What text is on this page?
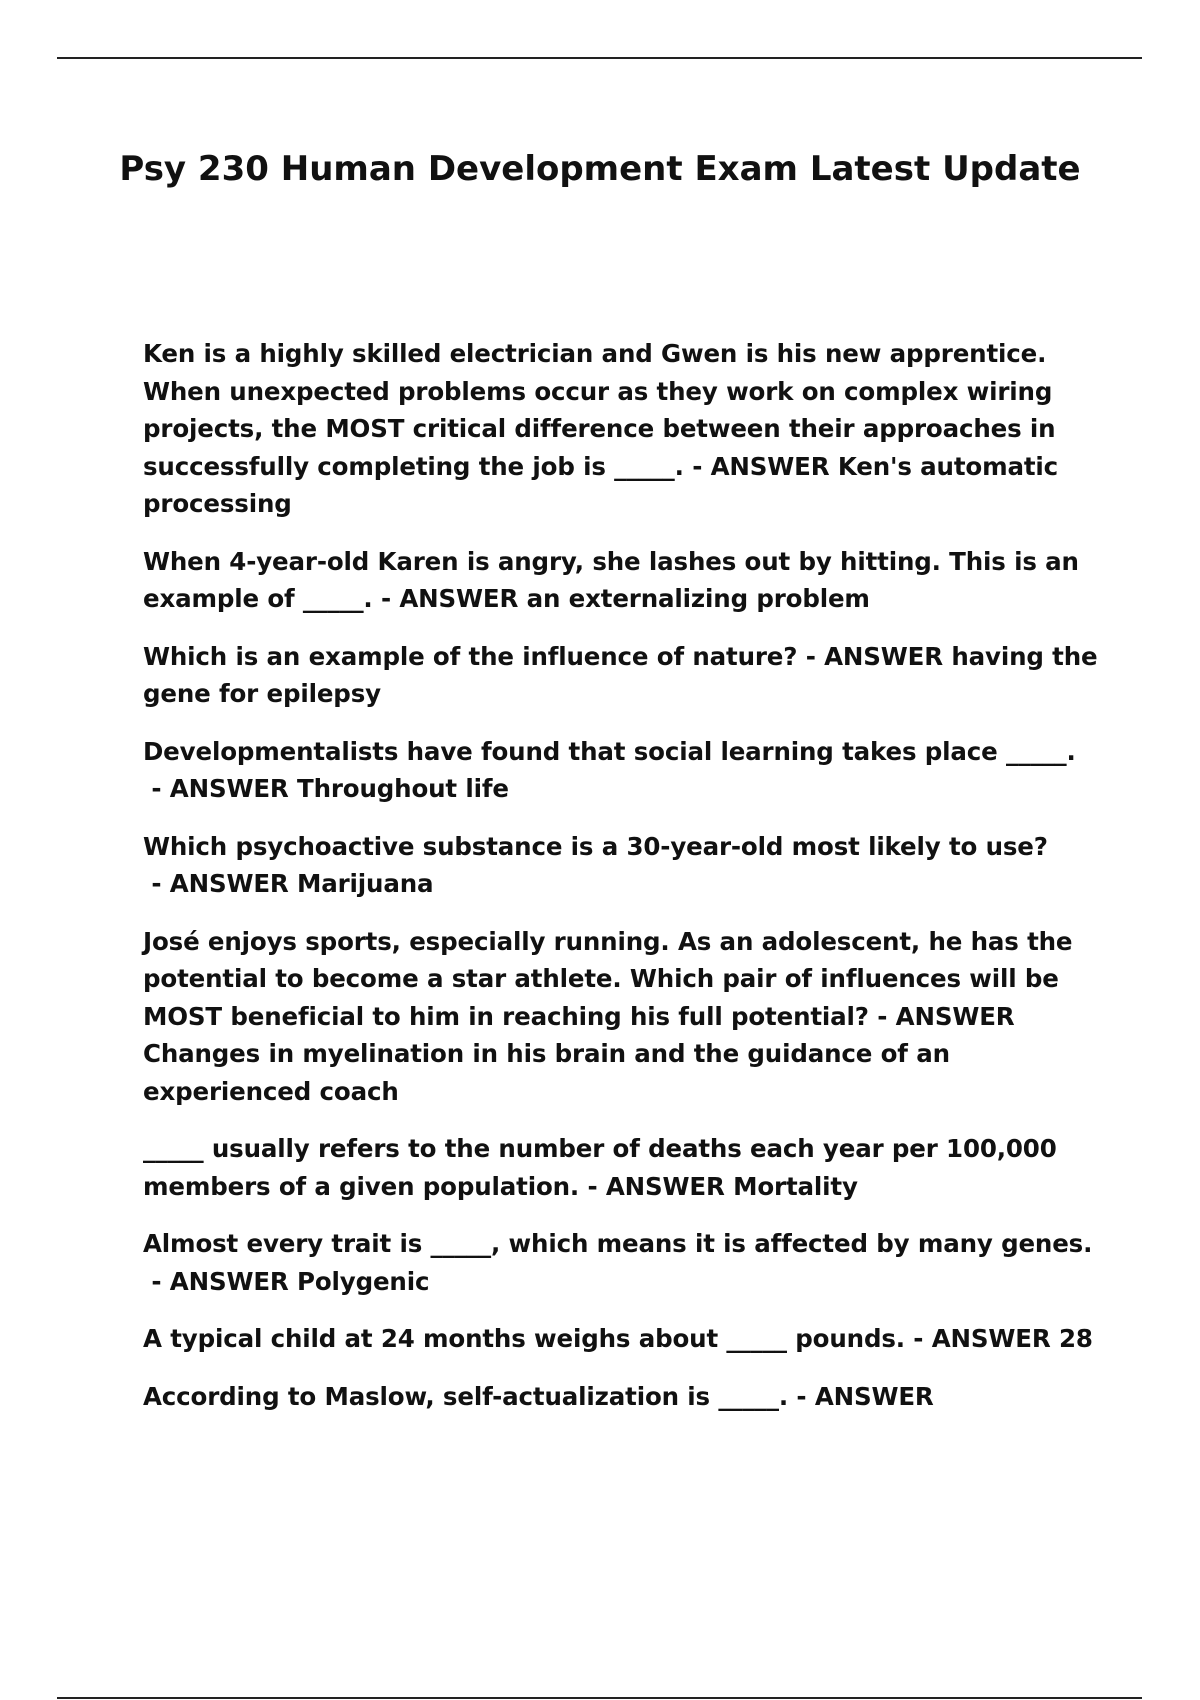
Psy 230 Human Development Exam Latest Update
Ken is a highly skilled electrician and Gwen is his new apprentice. When unexpected problems occur as they work on complex wiring projects, the MOST critical difference between their approaches in successfully completing the job is _____. - ANSWER Ken's automatic processing
When 4-year-old Karen is angry, she lashes out by hitting. This is an example of _____. - ANSWER an externalizing problem
Which is an example of the influence of nature? - ANSWER having the gene for epilepsy
Developmentalists have found that social learning takes place _____. - ANSWER Throughout life
Which psychoactive substance is a 30-year-old most likely to use? - ANSWER Marijuana
José enjoys sports, especially running. As an adolescent, he has the potential to become a star athlete. Which pair of influences will be MOST beneficial to him in reaching his full potential? - ANSWER Changes in myelination in his brain and the guidance of an experienced coach
_____ usually refers to the number of deaths each year per 100,000 members of a given population. - ANSWER Mortality
Almost every trait is _____, which means it is affected by many genes. - ANSWER Polygenic
A typical child at 24 months weighs about _____ pounds. - ANSWER 28
According to Maslow, self-actualization is _____. - ANSWER
